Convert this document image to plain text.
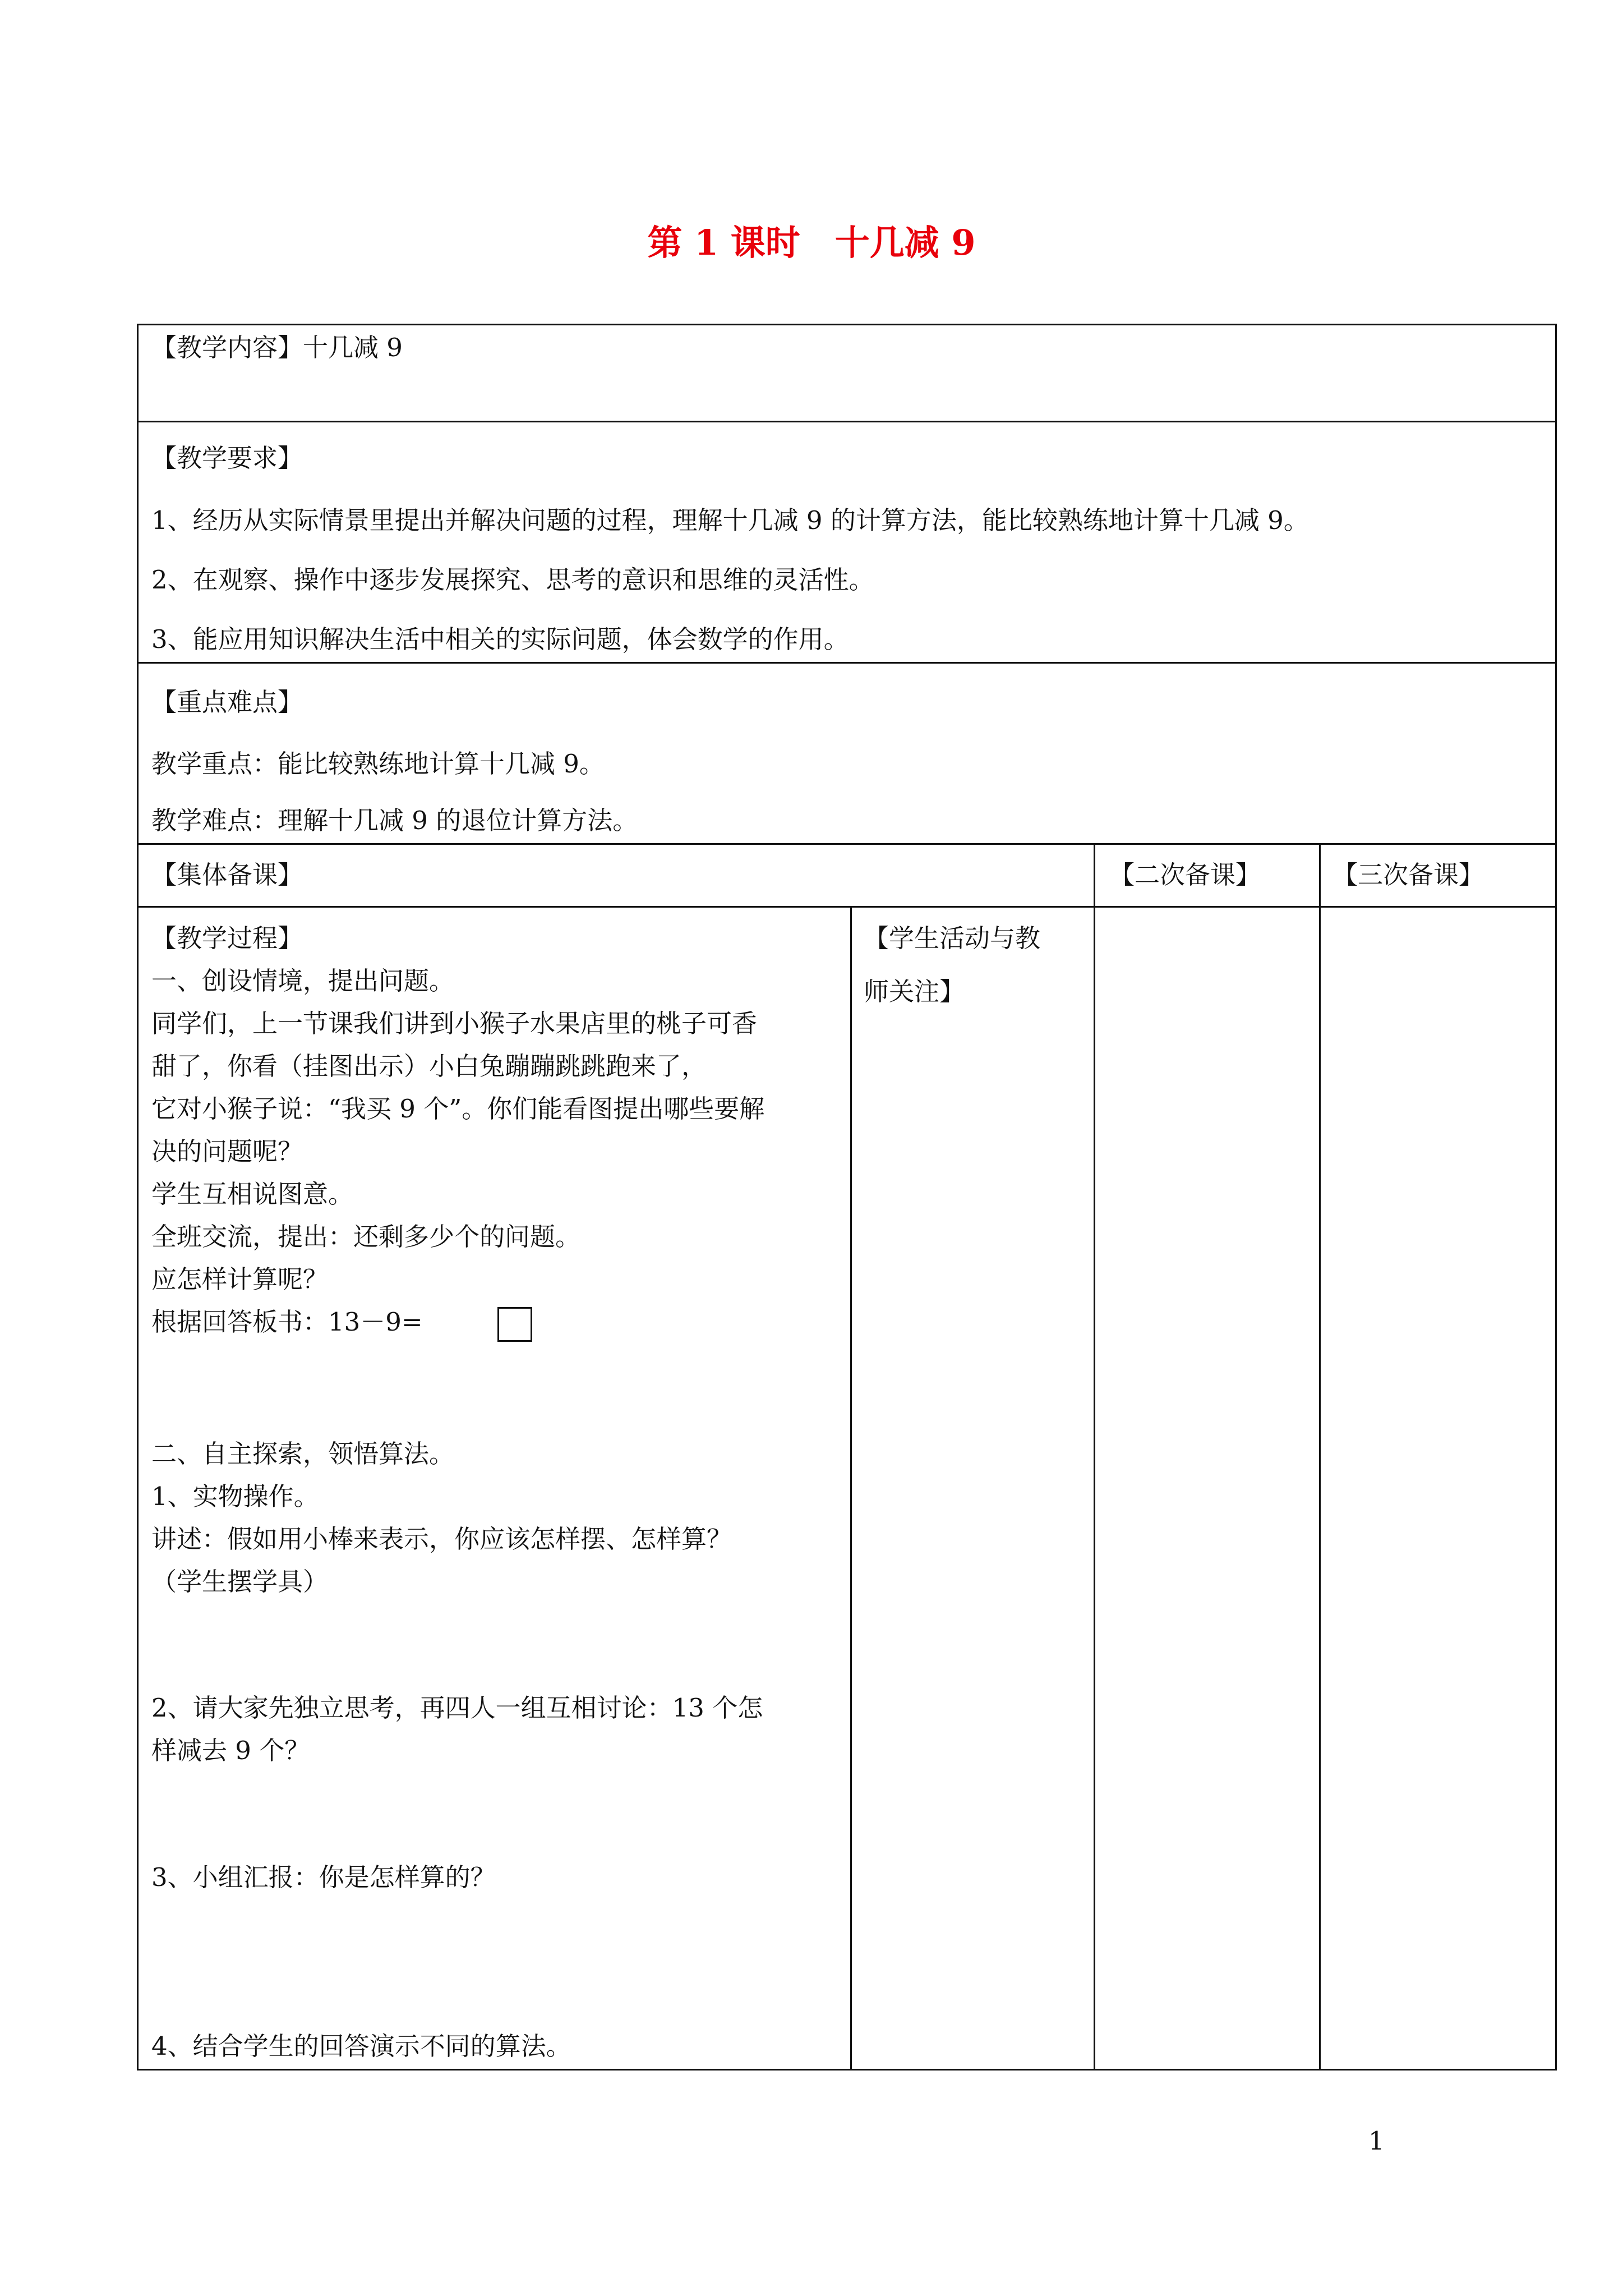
第 1 课时　十几减 9
【教学内容】十几减 9
【教学要求】
1、经历从实际情景里提出并解决问题的过程，理解十几减 9 的计算方法，能比较熟练地计算十几减 9。
2、在观察、操作中逐步发展探究、思考的意识和思维的灵活性。
3、能应用知识解决生活中相关的实际问题，体会数学的作用。
【重点难点】
教学重点：能比较熟练地计算十几减 9。
教学难点：理解十几减 9 的退位计算方法。
【集体备课】	【二次备课】	【三次备课】
【教学过程】
一、创设情境，提出问题。
同学们，上一节课我们讲到小猴子水果店里的桃子可香
甜了，你看（挂图出示）小白兔蹦蹦跳跳跑来了，
它对小猴子说：“我买 9 个”。你们能看图提出哪些要解
决的问题呢？
学生互相说图意。
全班交流，提出：还剩多少个的问题。
应怎样计算呢？
根据回答板书：13－9=
二、自主探索，领悟算法。
1、实物操作。
讲述：假如用小棒来表示，你应该怎样摆、怎样算？
（学生摆学具）
2、请大家先独立思考，再四人一组互相讨论：13 个怎
样减去 9 个？
3、小组汇报：你是怎样算的？
4、结合学生的回答演示不同的算法。
【学生活动与教
师关注】
1
